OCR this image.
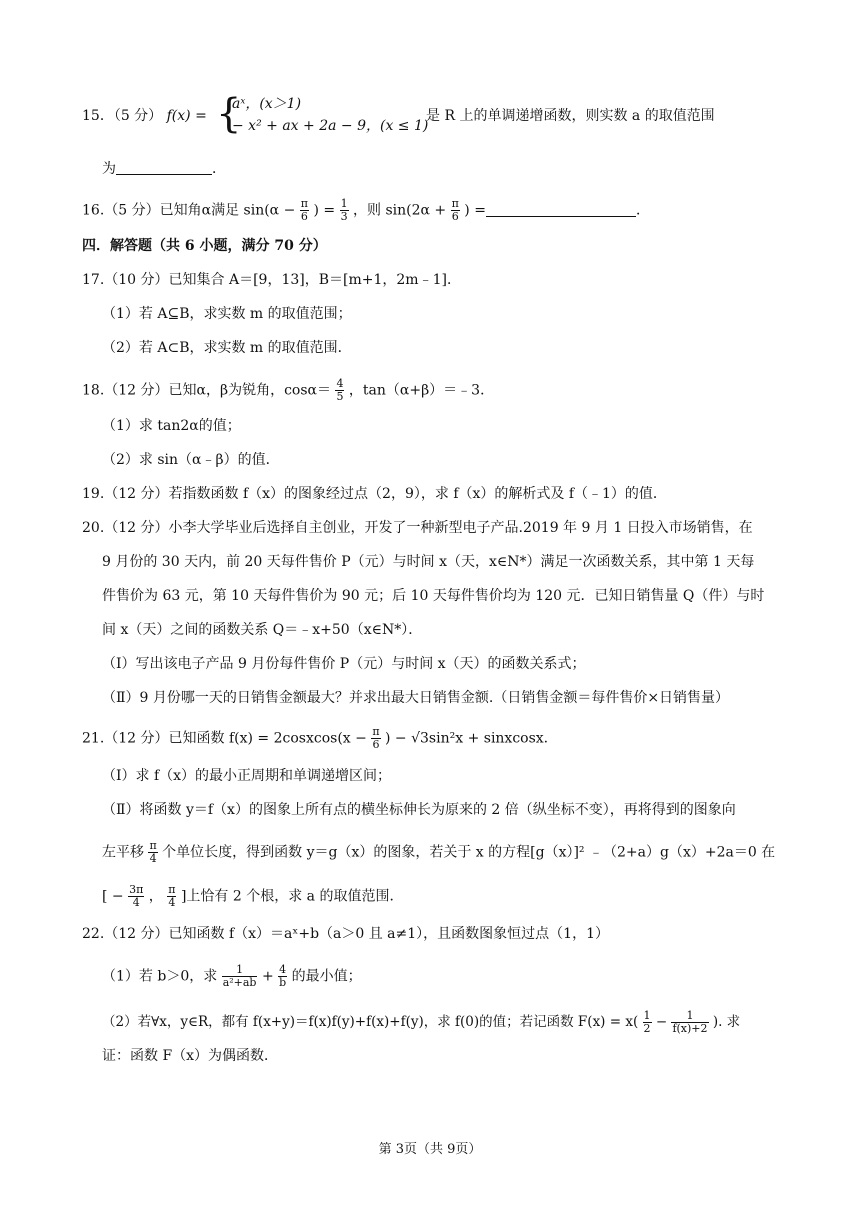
15．（5 分） f(x) = {
aˣ，(x＞1)
− x² + ax + 2a − 9，(x ≤ 1)
是 R 上的单调递增函数，则实数 a 的取值范围
为	．
16.（5 分）已知角α满足 $\sin(\alpha - \frac{\pi}{6}$ ) = $\frac{1}{3}$ ，则 $\sin(2\alpha + \frac{\pi}{6}$ ) =	．
四．解答题（共 6 小题，满分 70 分）
17.（10 分）已知集合 A＝[9，13]，B＝[m+1，2m﹣1]．
（1）若 A⊆B，求实数 m 的取值范围；
（2）若 A⊂B，求实数 m 的取值范围．
18.（12 分）已知α，β为锐角，$\cos\alpha= \frac{4}{5}$ ，tan（α+β）＝﹣3．
（1）求 tan2α的值；
（2）求 sin（α﹣β）的值．
19.（12 分）若指数函数 f（x）的图象经过点（2，9），求 f（x）的解析式及 f（﹣1）的值．
20.（12 分）小李大学毕业后选择自主创业，开发了一种新型电子产品.2019 年 9 月 1 日投入市场销售，在
9 月份的 30 天内，前 20 天每件售价 P（元）与时间 x（天，x∈N*）满足一次函数关系，其中第 1 天每
件售价为 63 元，第 10 天每件售价为 90 元；后 10 天每件售价均为 120 元．已知日销售量 Q（件）与时
间 x（天）之间的函数关系 Q＝﹣x+50（x∈N*）．
（Ⅰ）写出该电子产品 9 月份每件售价 P（元）与时间 x（天）的函数关系式；
（Ⅱ）9 月份哪一天的日销售金额最大？并求出最大日销售金额.（日销售金额＝每件售价×日销售量）
21.（12 分）已知函数 f(x) = 2cosxcos(x − $\frac{\pi}{6}$ ) − √3sin²x + sinxcosx.
（Ⅰ）求 f（x）的最小正周期和单调递增区间；
（Ⅱ）将函数 y＝f（x）的图象上所有点的横坐标伸长为原来的 2 倍（纵坐标不变），再将得到的图象向
左平移 $\frac{\pi}{4}$ 个单位长度，得到函数 y＝g（x）的图象，若关于 x 的方程[g（x）]² ﹣（2+a）g（x）+2a＝0 在
[ − $\frac{3\pi}{4}$ ， $\frac{\pi}{4}$ ]上恰有 2 个根，求 a 的取值范围．
22.（12 分）已知函数 f（x）＝aˣ+b（a＞0 且 a≠1），且函数图象恒过点（1，1）
（1）若 b＞0，求 $\frac{1}{\text{a²+ab}} + \frac{4}{b}$ 的最小值；
（2）若∀x，y∈R，都有 f(x+y)＝f(x)f(y)+f(x)+f(y)，求 f(0)的值；若记函数 $F(x) = x( \frac{1}{2} - \frac{1}{f(x)+2}$ ). 求
证：函数 F（x）为偶函数．
第 3页（共 9页）
